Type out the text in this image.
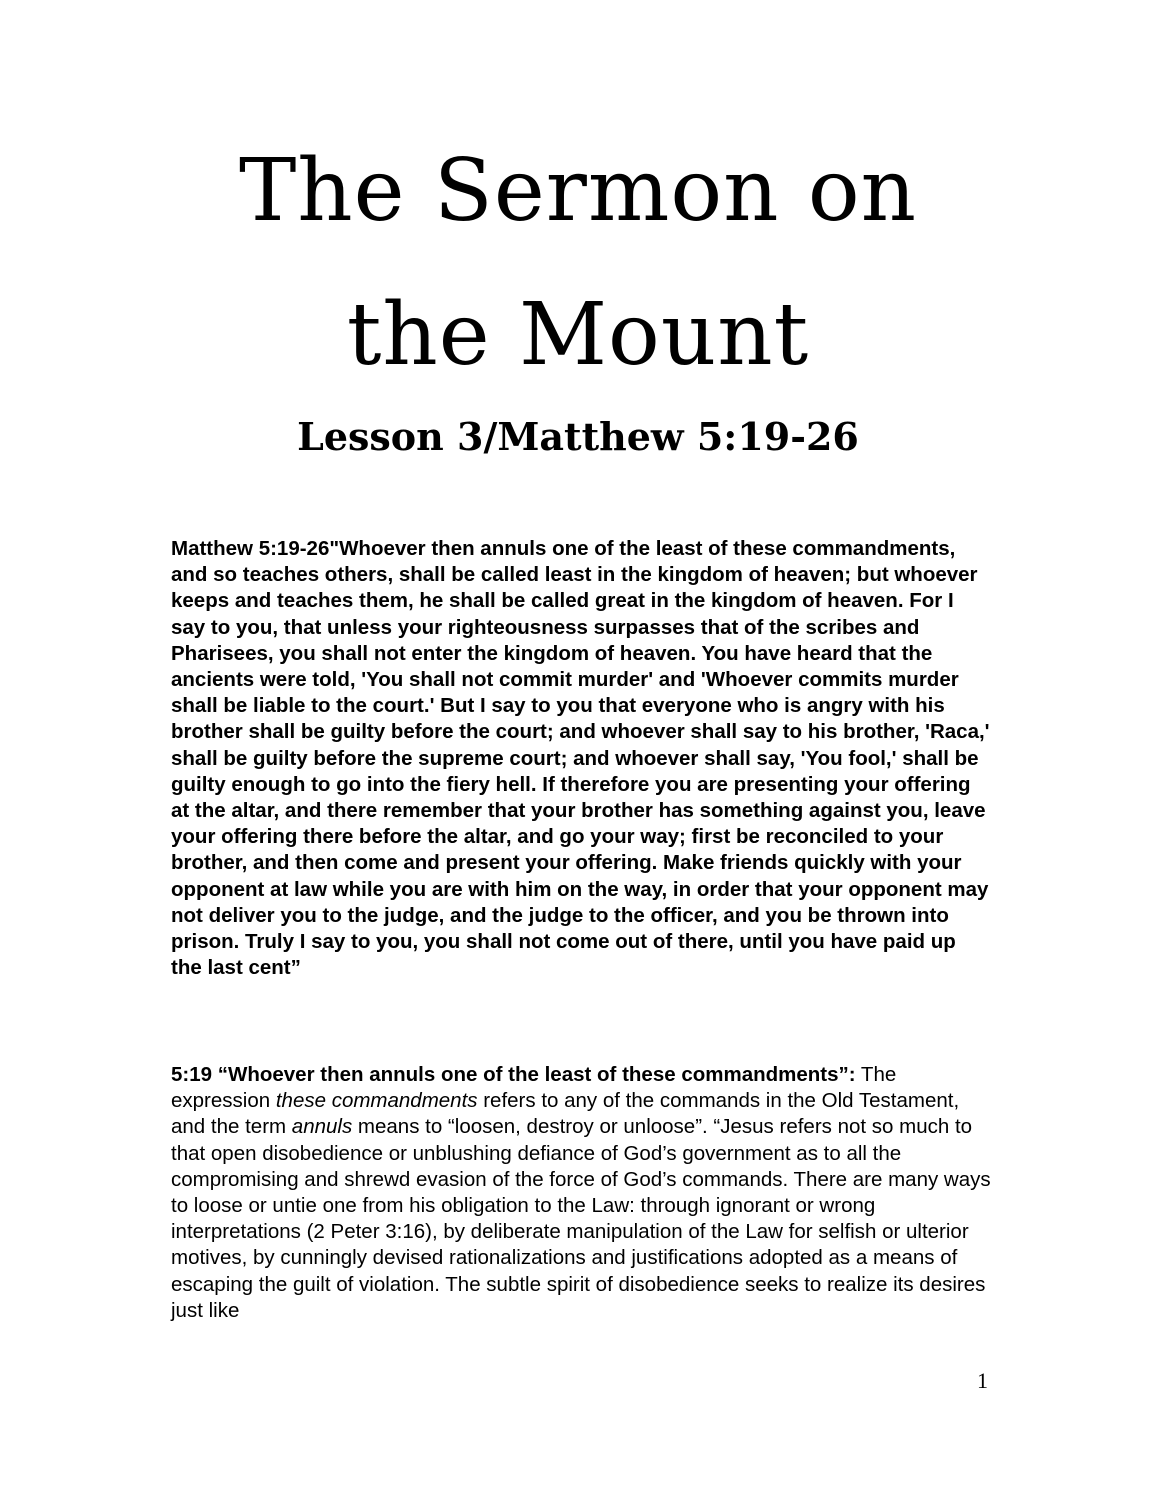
The Sermon on
the Mount
Lesson 3/Matthew 5:19-26

Matthew 5:19-26"Whoever then annuls one of the least of these commandments, and so teaches others, shall be called least in the kingdom of heaven; but whoever keeps and teaches them, he shall be called great in the kingdom of heaven. For I say to you, that unless your righteousness surpasses that of the scribes and Pharisees, you shall not enter the kingdom of heaven. You have heard that the ancients were told, 'You shall not commit murder' and 'Whoever commits murder shall be liable to the court.' But I say to you that everyone who is angry with his brother shall be guilty before the court; and whoever shall say to his brother, 'Raca,' shall be guilty before the supreme court; and whoever shall say, 'You fool,' shall be guilty enough to go into the fiery hell. If therefore you are presenting your offering at the altar, and there remember that your brother has something against you, leave your offering there before the altar, and go your way; first be reconciled to your brother, and then come and present your offering. Make friends quickly with your opponent at law while you are with him on the way, in order that your opponent may not deliver you to the judge, and the judge to the officer, and you be thrown into prison. Truly I say to you, you shall not come out of there, until you have paid up the last cent”

5:19 “Whoever then annuls one of the least of these commandments”: The expression these commandments refers to any of the commands in the Old Testament, and the term annuls means to “loosen, destroy or unloose”. “Jesus refers not so much to that open disobedience or unblushing defiance of God’s government as to all the compromising and shrewd evasion of the force of God’s commands. There are many ways to loose or untie one from his obligation to the Law: through ignorant or wrong interpretations (2 Peter 3:16), by deliberate manipulation of the Law for selfish or ulterior motives, by cunningly devised rationalizations and justifications adopted as a means of escaping the guilt of violation. The subtle spirit of disobedience seeks to realize its desires just like

1
